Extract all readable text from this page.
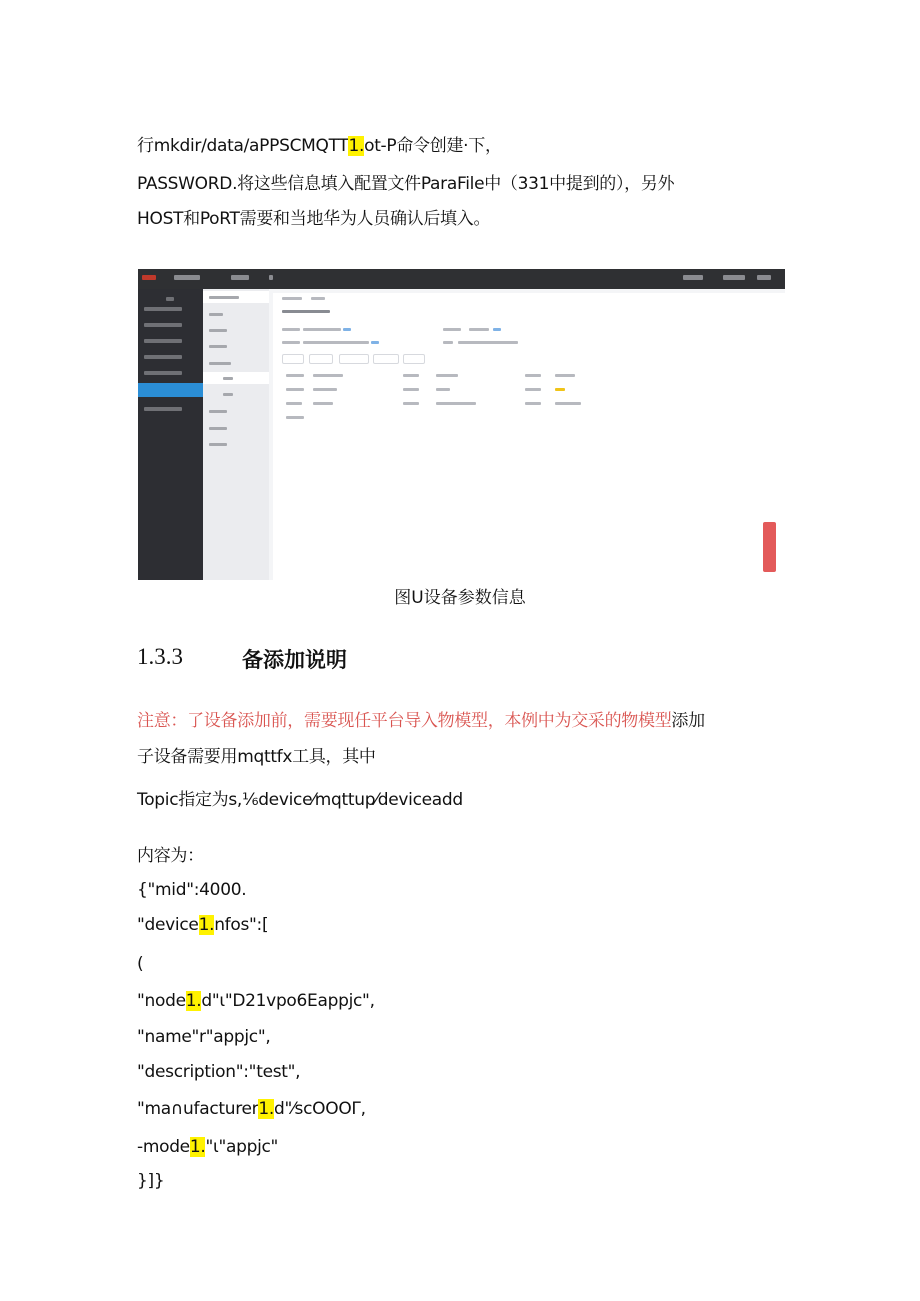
行mkdir/data/aPPSCMQTT1.ot-P命令创建·下，
PASSWORD.将这些信息填入配置文件ParaFile中（331中提到的），另外
HOST和PoRT需要和当地华为人员确认后填入。
图U设备参数信息
1.3.3	备添加说明
注意：了设备添加前，需要现任平台导入物模型，本例中为交采的物模型添加
子设备需要用mqttfx工具，其中
Topic指定为s,⅙device⁄mqttup⁄deviceadd
内容为：
{"mid":4000.
"device1.nfos":[
(
"node1.d"ι"D21vpo6Eappjc",
"name"r"appjc",
"description":"test",
"ma∩ufacturer1.d"⁄scOOOΓ,
-mode1."ι"appjc"
}]}
